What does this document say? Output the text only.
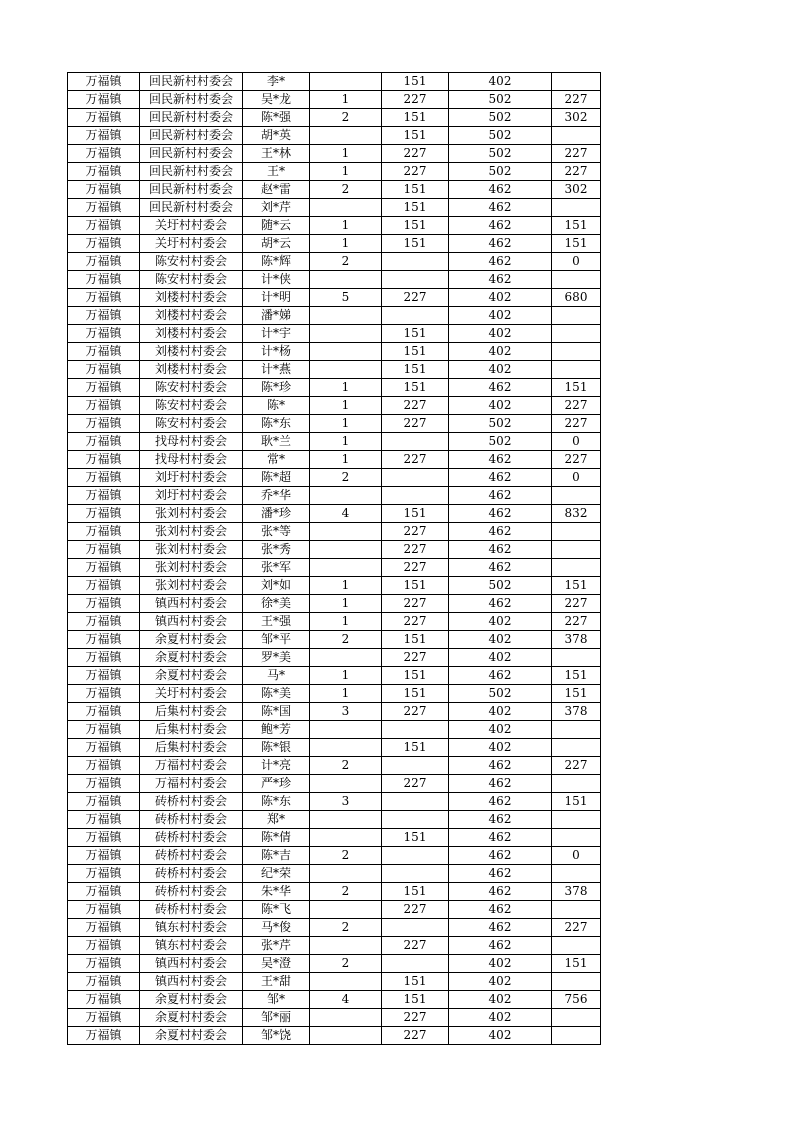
万福镇	回民新村村委会	李*		151	402	
万福镇	回民新村村委会	吴*龙	1	227	502	227
万福镇	回民新村村委会	陈*强	2	151	502	302
万福镇	回民新村村委会	胡*英		151	502	
万福镇	回民新村村委会	王*林	1	227	502	227
万福镇	回民新村村委会	王*	1	227	502	227
万福镇	回民新村村委会	赵*雷	2	151	462	302
万福镇	回民新村村委会	刘*芹		151	462	
万福镇	关圩村村委会	随*云	1	151	462	151
万福镇	关圩村村委会	胡*云	1	151	462	151
万福镇	陈安村村委会	陈*辉	2		462	0
万福镇	陈安村村委会	计*侠			462	
万福镇	刘楼村村委会	计*明	5	227	402	680
万福镇	刘楼村村委会	潘*娣			402	
万福镇	刘楼村村委会	计*宇		151	402	
万福镇	刘楼村村委会	计*杨		151	402	
万福镇	刘楼村村委会	计*燕		151	402	
万福镇	陈安村村委会	陈*珍	1	151	462	151
万福镇	陈安村村委会	陈*	1	227	402	227
万福镇	陈安村村委会	陈*东	1	227	502	227
万福镇	找母村村委会	耿*兰	1		502	0
万福镇	找母村村委会	常*	1	227	462	227
万福镇	刘圩村村委会	陈*超	2		462	0
万福镇	刘圩村村委会	乔*华			462	
万福镇	张刘村村委会	潘*珍	4	151	462	832
万福镇	张刘村村委会	张*等		227	462	
万福镇	张刘村村委会	张*秀		227	462	
万福镇	张刘村村委会	张*军		227	462	
万福镇	张刘村村委会	刘*如	1	151	502	151
万福镇	镇西村村委会	徐*美	1	227	462	227
万福镇	镇西村村委会	王*强	1	227	402	227
万福镇	余夏村村委会	邹*平	2	151	402	378
万福镇	余夏村村委会	罗*美		227	402	
万福镇	余夏村村委会	马*	1	151	462	151
万福镇	关圩村村委会	陈*美	1	151	502	151
万福镇	后集村村委会	陈*国	3	227	402	378
万福镇	后集村村委会	鲍*芳			402	
万福镇	后集村村委会	陈*银		151	402	
万福镇	万福村村委会	计*亮	2		462	227
万福镇	万福村村委会	严*珍		227	462	
万福镇	砖桥村村委会	陈*东	3		462	151
万福镇	砖桥村村委会	郑*			462	
万福镇	砖桥村村委会	陈*倩		151	462	
万福镇	砖桥村村委会	陈*吉	2		462	0
万福镇	砖桥村村委会	纪*荣			462	
万福镇	砖桥村村委会	朱*华	2	151	462	378
万福镇	砖桥村村委会	陈*飞		227	462	
万福镇	镇东村村委会	马*俊	2		462	227
万福镇	镇东村村委会	张*芹		227	462	
万福镇	镇西村村委会	吴*澄	2		402	151
万福镇	镇西村村委会	王*甜		151	402	
万福镇	余夏村村委会	邹*	4	151	402	756
万福镇	余夏村村委会	邹*丽		227	402	
万福镇	余夏村村委会	邹*饶		227	402	
